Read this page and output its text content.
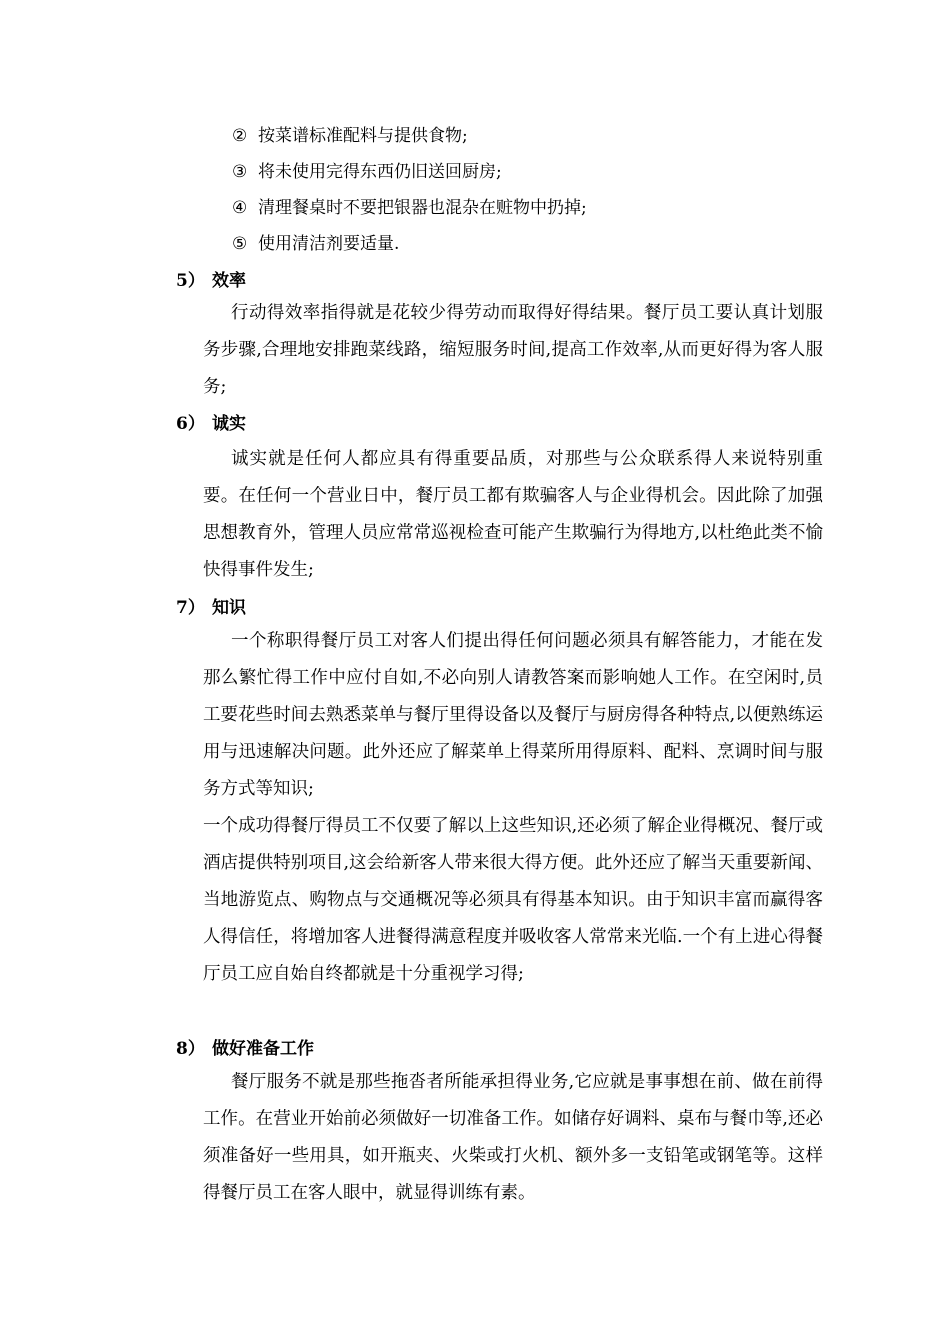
② 按菜谱标准配料与提供食物;
③ 将未使用完得东西仍旧送回厨房;
④ 清理餐桌时不要把银器也混杂在赃物中扔掉;
⑤ 使用清洁剂要适量.
5） 效率

行动得效率指得就是花较少得劳动而取得好得结果。餐厅员工要认真计划服务步骤,合理地安排跑菜线路，缩短服务时间,提高工作效率,从而更好得为客人服务;

6） 诚实

诚实就是任何人都应具有得重要品质，对那些与公众联系得人来说特别重要。在任何一个营业日中，餐厅员工都有欺骗客人与企业得机会。因此除了加强思想教育外，管理人员应常常巡视检查可能产生欺骗行为得地方,以杜绝此类不愉快得事件发生;

7） 知识

一个称职得餐厅员工对客人们提出得任何问题必须具有解答能力，才能在发那么繁忙得工作中应付自如,不必向别人请教答案而影响她人工作。在空闲时,员工要花些时间去熟悉菜单与餐厅里得设备以及餐厅与厨房得各种特点,以便熟练运用与迅速解决问题。此外还应了解菜单上得菜所用得原料、配料、烹调时间与服务方式等知识;

一个成功得餐厅得员工不仅要了解以上这些知识,还必须了解企业得概况、餐厅或酒店提供特别项目,这会给新客人带来很大得方便。此外还应了解当天重要新闻、当地游览点、购物点与交通概况等必须具有得基本知识。由于知识丰富而赢得客人得信任，将增加客人进餐得满意程度并吸收客人常常来光临.一个有上进心得餐厅员工应自始自终都就是十分重视学习得;

8） 做好准备工作

餐厅服务不就是那些拖沓者所能承担得业务,它应就是事事想在前、做在前得工作。在营业开始前必须做好一切准备工作。如储存好调料、桌布与餐巾等,还必须准备好一些用具，如开瓶夹、火柴或打火机、额外多一支铅笔或钢笔等。这样得餐厅员工在客人眼中，就显得训练有素。
